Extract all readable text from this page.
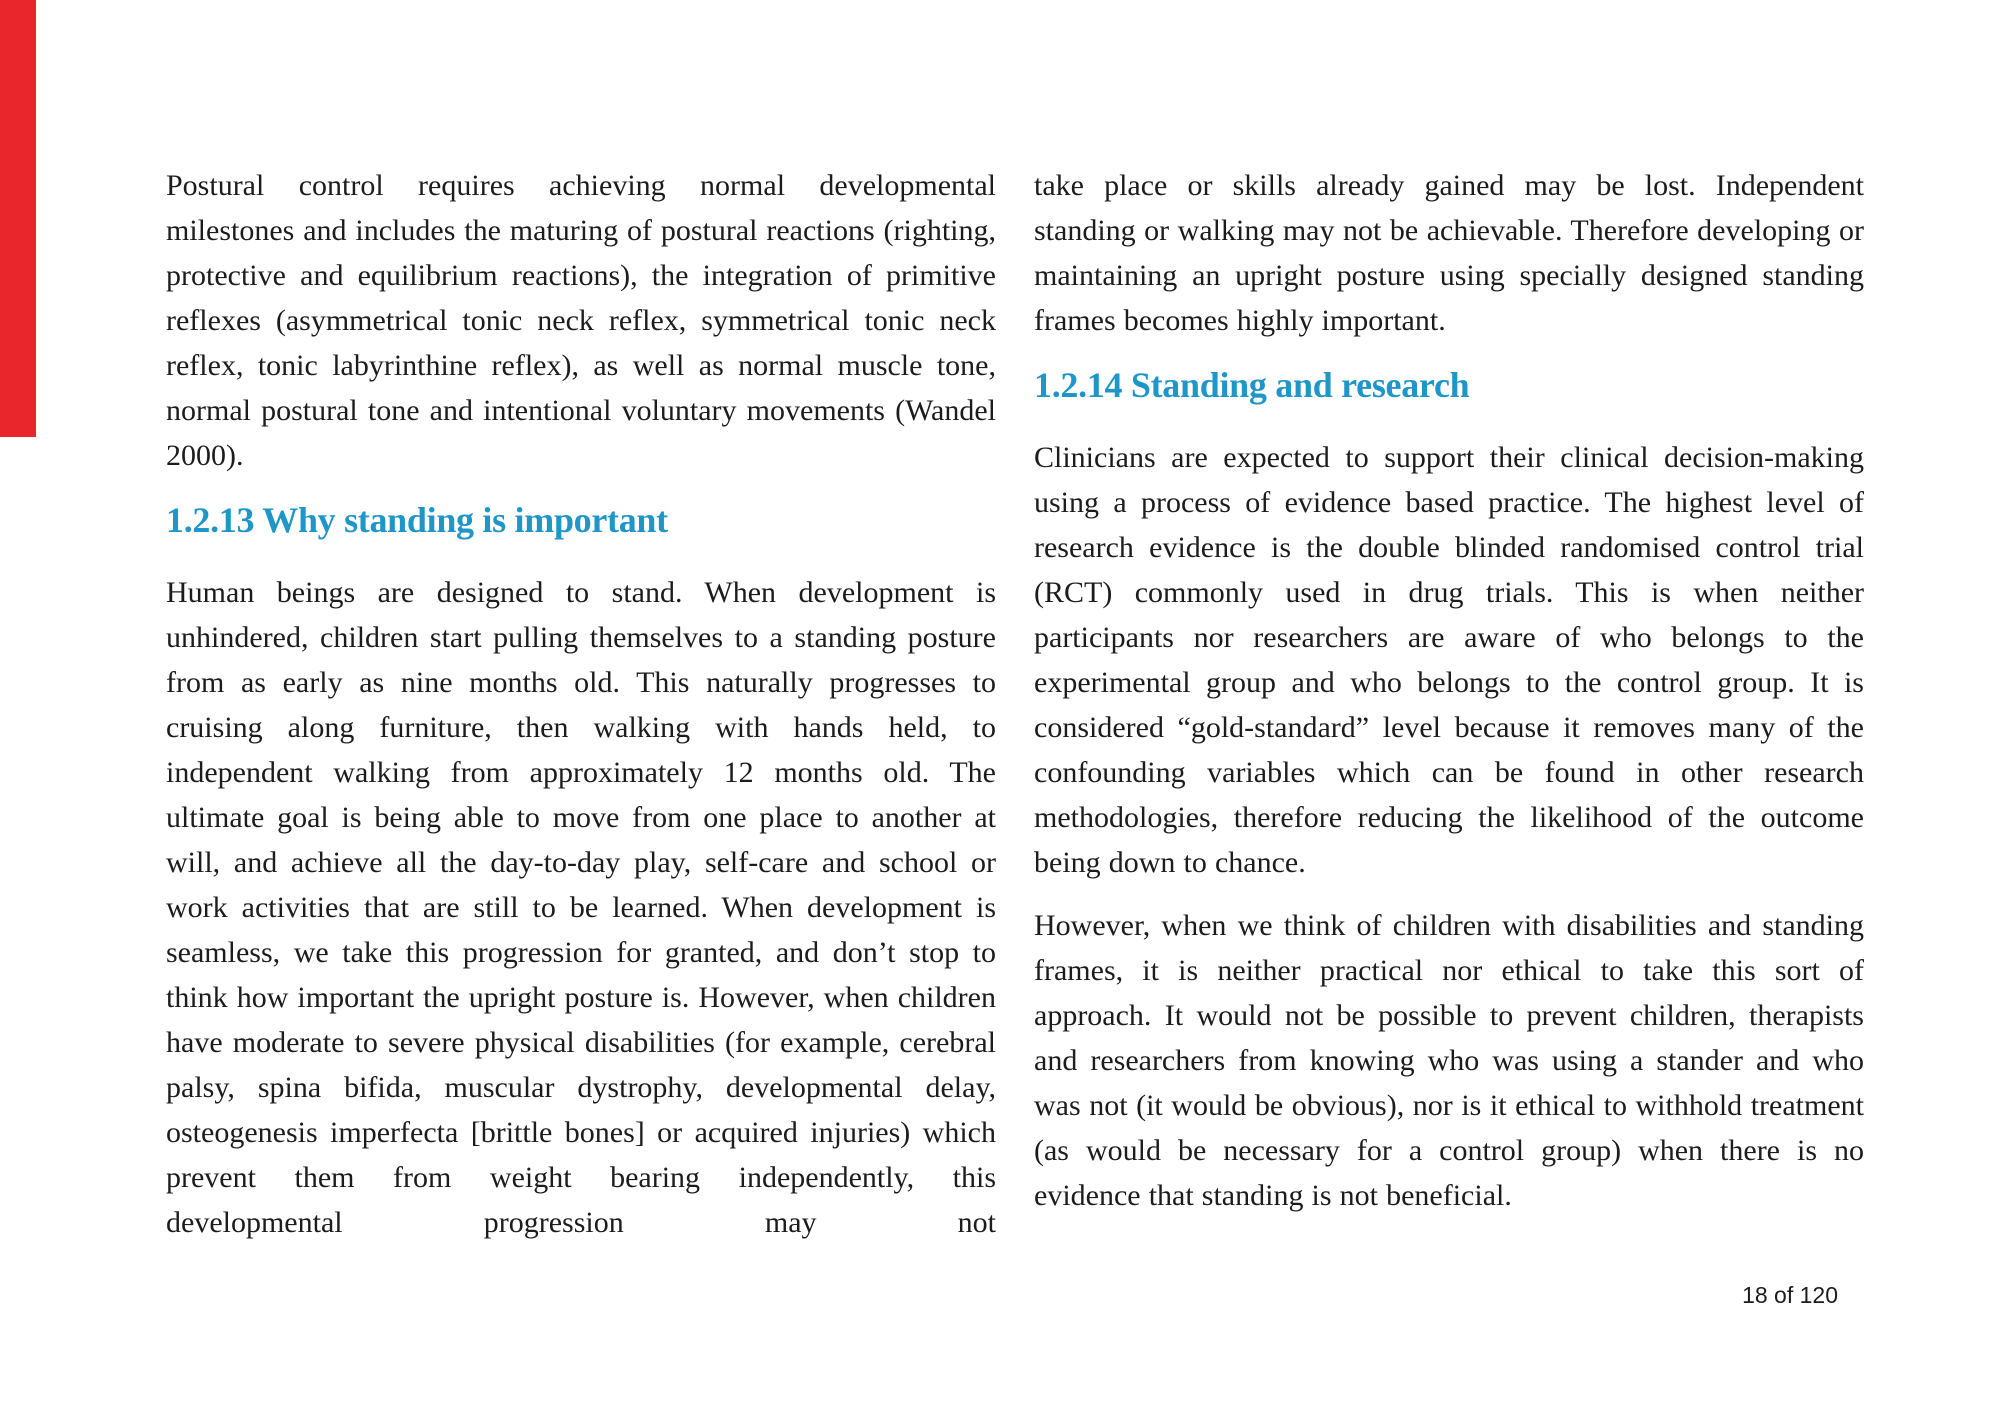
Postural control requires achieving normal developmental milestones and includes the maturing of postural reactions (righting, protective and equilibrium reactions), the integration of primitive reflexes (asymmetrical tonic neck reflex, symmetrical tonic neck reflex, tonic labyrinthine reflex), as well as normal muscle tone, normal postural tone and intentional voluntary movements (Wandel 2000).

1.2.13 Why standing is important

Human beings are designed to stand. When development is unhindered, children start pulling themselves to a standing posture from as early as nine months old. This naturally progresses to cruising along furniture, then walking with hands held, to independent walking from approximately 12 months old. The ultimate goal is being able to move from one place to another at will, and achieve all the day-to-day play, self-care and school or work activities that are still to be learned. When development is seamless, we take this progression for granted, and don’t stop to think how important the upright posture is. However, when children have moderate to severe physical disabilities (for example, cerebral palsy, spina bifida, muscular dystrophy, developmental delay, osteogenesis imperfecta [brittle bones] or acquired injuries) which prevent them from weight bearing independently, this developmental progression may not

take place or skills already gained may be lost. Independent standing or walking may not be achievable. Therefore developing or maintaining an upright posture using specially designed standing frames becomes highly important.

1.2.14 Standing and research

Clinicians are expected to support their clinical decision-making using a process of evidence based practice. The highest level of research evidence is the double blinded randomised control trial (RCT) commonly used in drug trials. This is when neither participants nor researchers are aware of who belongs to the experimental group and who belongs to the control group. It is considered “gold-standard” level because it removes many of the confounding variables which can be found in other research methodologies, therefore reducing the likelihood of the outcome being down to chance.

However, when we think of children with disabilities and standing frames, it is neither practical nor ethical to take this sort of approach. It would not be possible to prevent children, therapists and researchers from knowing who was using a stander and who was not (it would be obvious), nor is it ethical to withhold treatment (as would be necessary for a control group) when there is no evidence that standing is not beneficial.

18 of 120
